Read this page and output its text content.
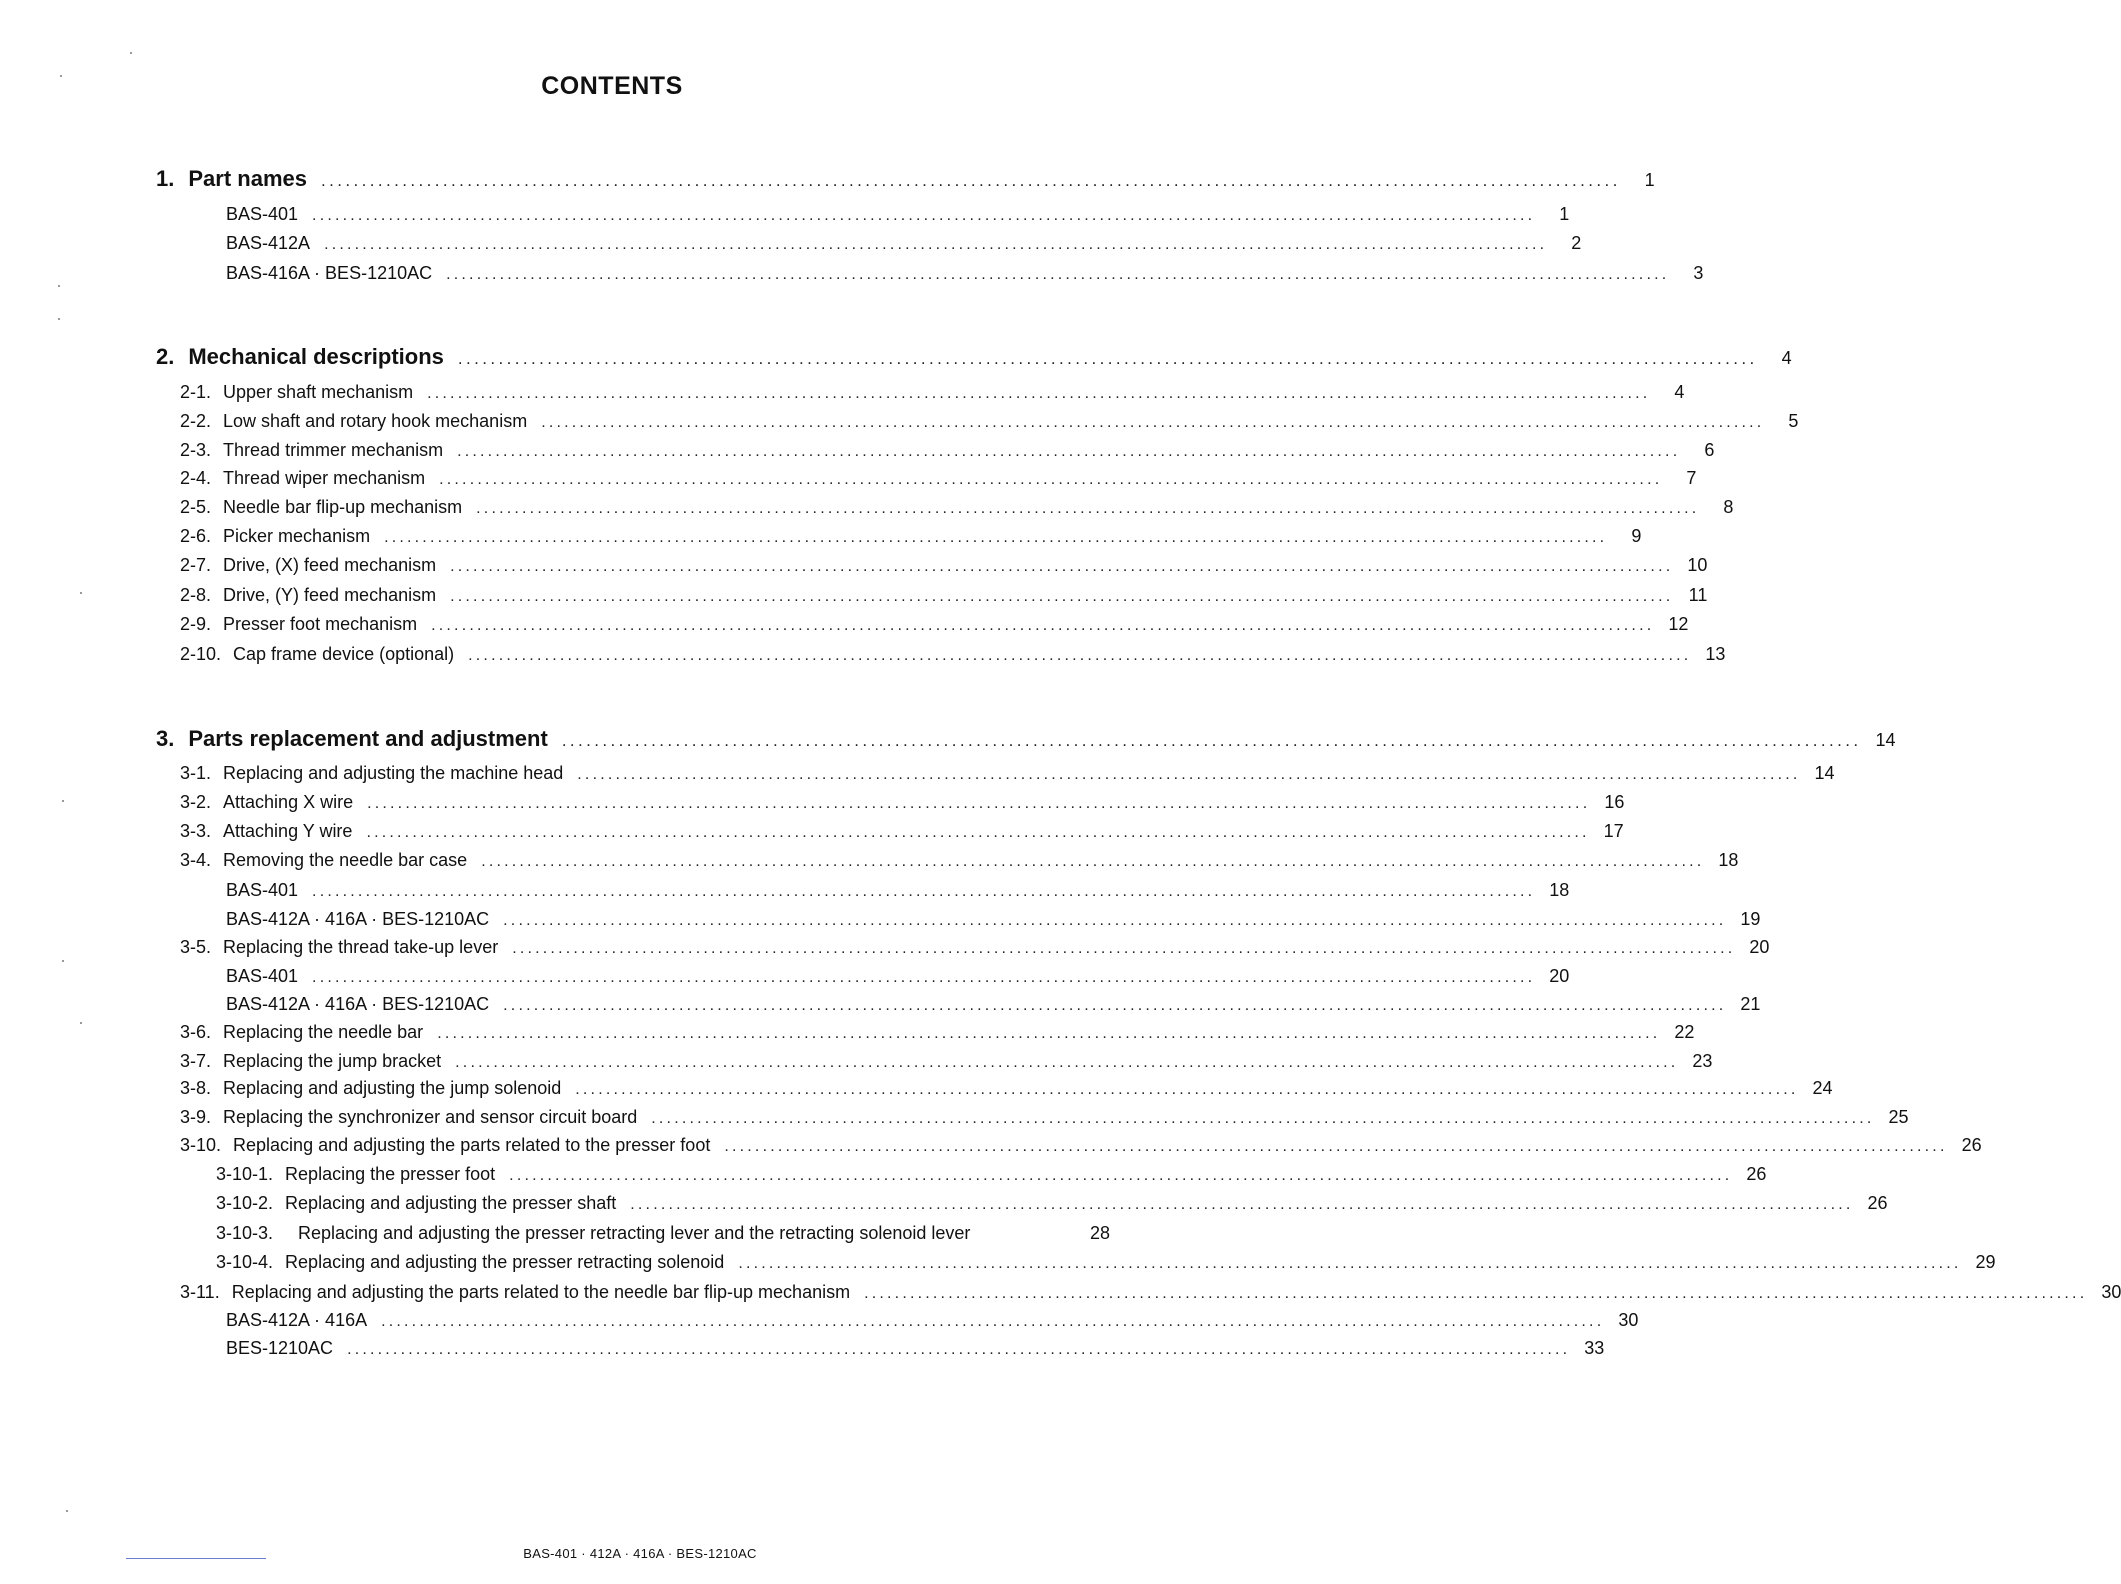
CONTENTS
1. Part names ................................................................................................................................................................	1
BAS-401 ................................................................................................................................................................	1
BAS-412A ................................................................................................................................................................	2
BAS-416A · BES-1210AC ................................................................................................................................................................	3
2. Mechanical descriptions ................................................................................................................................................................	4
2-1. Upper shaft mechanism ................................................................................................................................................................	4
2-2. Low shaft and rotary hook mechanism ................................................................................................................................................................	5
2-3. Thread trimmer mechanism ................................................................................................................................................................	6
2-4. Thread wiper mechanism ................................................................................................................................................................	7
2-5. Needle bar flip-up mechanism ................................................................................................................................................................	8
2-6. Picker mechanism ................................................................................................................................................................	9
2-7. Drive, (X) feed mechanism ................................................................................................................................................................ 10
2-8. Drive, (Y) feed mechanism ................................................................................................................................................................ 11
2-9. Presser foot mechanism ................................................................................................................................................................ 12
2-10. Cap frame device (optional) ................................................................................................................................................................ 13
3. Parts replacement and adjustment ................................................................................................................................................................ 14
3-1. Replacing and adjusting the machine head ................................................................................................................................................................ 14
3-2. Attaching X wire ................................................................................................................................................................ 16
3-3. Attaching Y wire ................................................................................................................................................................ 17
3-4. Removing the needle bar case ................................................................................................................................................................ 18
BAS-401 ................................................................................................................................................................ 18
BAS-412A · 416A · BES-1210AC ................................................................................................................................................................ 19
3-5. Replacing the thread take-up lever ................................................................................................................................................................ 20
BAS-401 ................................................................................................................................................................ 20
BAS-412A · 416A · BES-1210AC ................................................................................................................................................................ 21
3-6. Replacing the needle bar ................................................................................................................................................................ 22
3-7. Replacing the jump bracket ................................................................................................................................................................ 23
3-8. Replacing and adjusting the jump solenoid ................................................................................................................................................................ 24
3-9. Replacing the synchronizer and sensor circuit board ................................................................................................................................................................ 25
3-10. Replacing and adjusting the parts related to the presser foot ................................................................................................................................................................ 26
3-10-1. Replacing the presser foot ................................................................................................................................................................ 26
3-10-2. Replacing and adjusting the presser shaft ................................................................................................................................................................ 26
3-10-3.	Replacing and adjusting the presser retracting lever and the retracting solenoid lever	28
3-10-4. Replacing and adjusting the presser retracting solenoid ................................................................................................................................................................ 29
3-11. Replacing and adjusting the parts related to the needle bar flip-up mechanism ................................................................................................................................................................ 30
BAS-412A · 416A ................................................................................................................................................................ 30
BES-1210AC ................................................................................................................................................................ 33
BAS-401 · 412A · 416A · BES-1210AC
